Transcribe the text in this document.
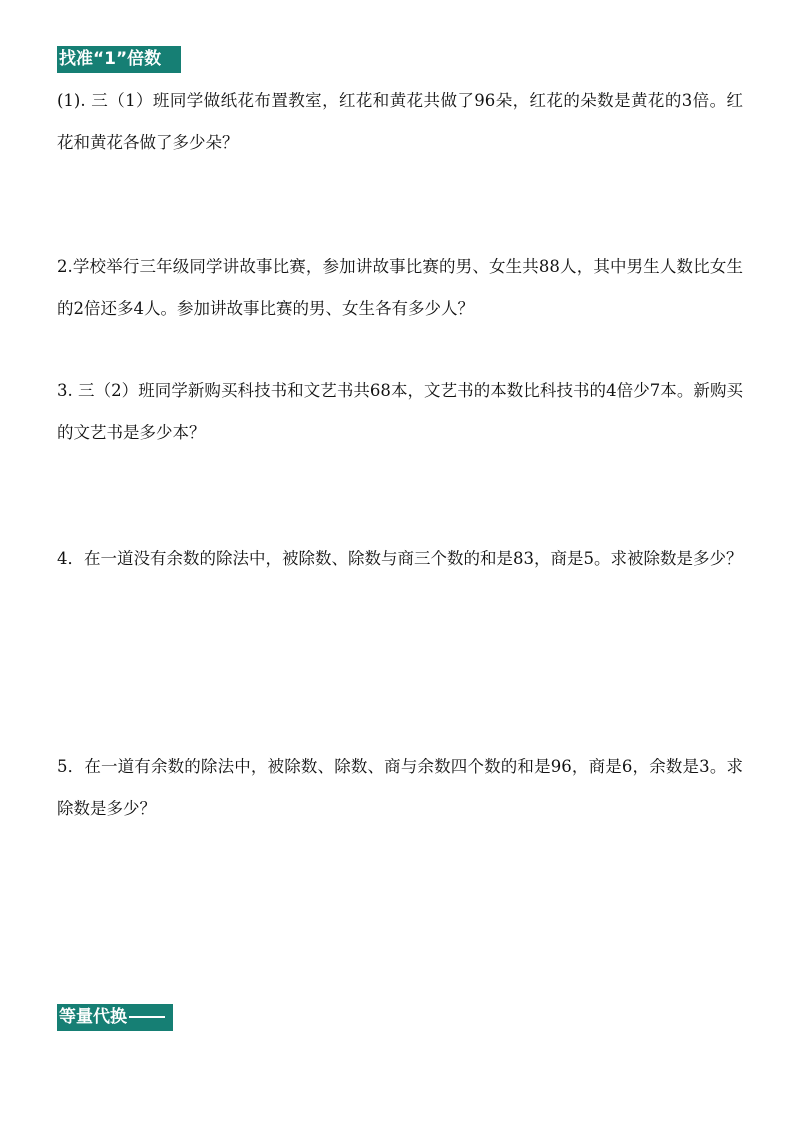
找准“1”倍数

(1). 三（1）班同学做纸花布置教室，红花和黄花共做了96朵，红花的朵数是黄花的3倍。红花和黄花各做了多少朵？

2.学校举行三年级同学讲故事比赛，参加讲故事比赛的男、女生共88人，其中男生人数比女生的2倍还多4人。参加讲故事比赛的男、女生各有多少人？

3. 三（2）班同学新购买科技书和文艺书共68本，文艺书的本数比科技书的4倍少7本。新购买的文艺书是多少本？

4．在一道没有余数的除法中，被除数、除数与商三个数的和是83，商是5。求被除数是多少？

5．在一道有余数的除法中，被除数、除数、商与余数四个数的和是96，商是6，余数是3。求除数是多少？

等量代换
